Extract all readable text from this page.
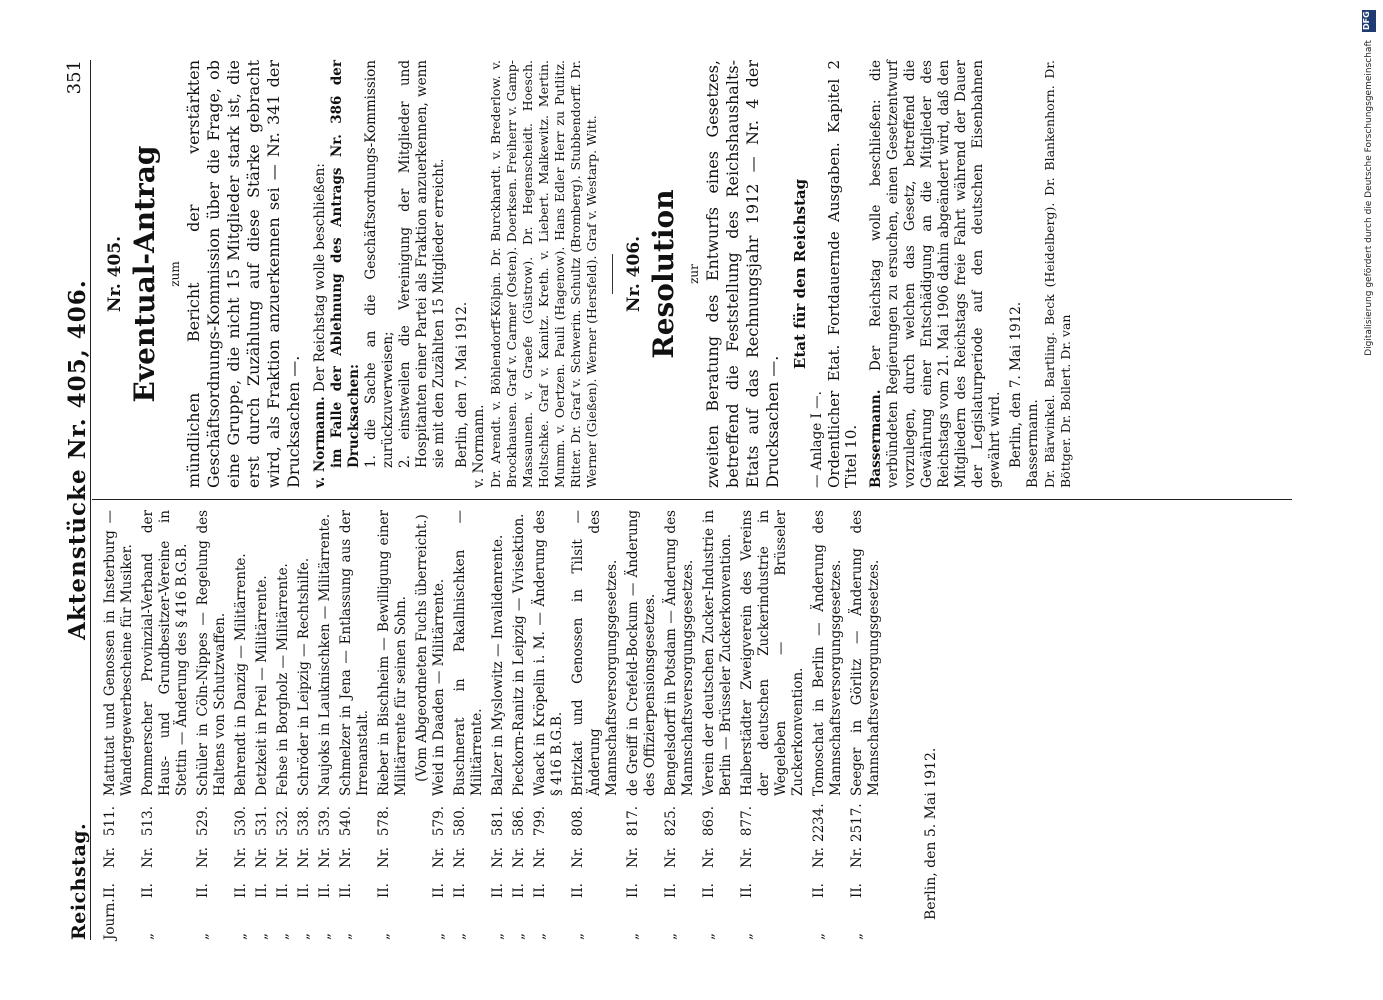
DFG
Digitalisierung gefördert durch die Deutsche Forschungsgemeinschaft
Reichstag.
Aktenstücke Nr. 405, 406.
351
Journ.
II.
Nr.
511.
Mattutat und Genossen in Insterburg — Wandergewerbescheine für Musiker.
„
II.
Nr.
513.
Pommerscher Provinzial-Verband der Haus- und Grundbesitzer-Vereine in Stettin — Änderung des § 416 B.G.B.
„
II.
Nr.
529.
Schüler in Cöln-Nippes — Regelung des Haltens von Schutzwaffen.
„
II.
Nr.
530.
Behrendt in Danzig — Militärrente.
„
II.
Nr.
531.
Detzkeit in Preil — Militärrente.
„
II.
Nr.
532.
Fehse in Borgholz — Militärrente.
„
II.
Nr.
538.
Schröder in Leipzig — Rechtshilfe.
„
II.
Nr.
539.
Naujoks in Lauknischken — Militärrente.
„
II.
Nr.
540.
Schmelzer in Jena — Entlassung aus der Irrenanstalt.
„
II.
Nr.
578.
Rieber in Bischheim — Bewilligung einer Militärrente für seinen Sohn. (Vom Abgeordneten Fuchs überreicht.)
„
II.
Nr.
579.
Weid in Daaden — Militärrente.
„
II.
Nr.
580.
Buschnerat in Pakallnischken — Militärrente.
„
II.
Nr.
581.
Balzer in Myslowitz — Invalidenrente.
„
II.
Nr.
586.
Pieckorn-Ranitz in Leipzig — Vivisektion.
„
II.
Nr.
799.
Waack in Kröpelin i. M. — Änderung des § 416 B.G.B.
„
II.
Nr.
808.
Britzkat und Genossen in Tilsit — Änderung des Mannschaftsversorgungsgesetzes.
„
II.
Nr.
817.
de Greiff in Crefeld-Bockum — Änderung des Offizierpensionsgesetzes.
„
II.
Nr.
825.
Bengelsdorff in Potsdam — Änderung des Mannschaftsversorgungsgesetzes.
„
II.
Nr.
869.
Verein der deutschen Zucker-Industrie in Berlin — Brüsseler Zuckerkonvention.
„
II.
Nr.
877.
Halberstädter Zweigverein des Vereins der deutschen Zuckerindustrie in Wegeleben — Brüsseler Zuckerkonvention.
„
II.
Nr.
2234.
Tomoschat in Berlin — Änderung des Mannschaftsversorgungsgesetzes.
„
II.
Nr.
2517.
Seeger in Görlitz — Änderung des Mannschaftsversorgungsgesetzes.
Berlin, den 5. Mai 1912.
Nr. 405. Eventual-Antrag zum mündlichen Bericht der verstärkten Geschäftsordnungs-Kommission über die Frage, ob eine Gruppe, die nicht 15 Mitglieder stark ist, die erst durch Zuzählung auf diese Stärke gebracht wird, als Fraktion anzuerkennen sei — Nr. 341 der Drucksachen —. v. Normann. Der Reichstag wolle beschließen: im Falle der Ablehnung des Antrags Nr. 386 der Drucksachen: 1. die Sache an die Geschäftsordnungs-Kommission zurückzuverweisen; 2. einstweilen die Vereinigung der Mitglieder und Hospitanten einer Partei als Fraktion anzuerkennen, wenn sie mit den Zuzählten 15 Mitglieder erreicht. Berlin, den 7. Mai 1912. v. Normann. Dr. Arendt. v. Böhlendorff-Kölpin. Dr. Burckhardt. v. Brederlow. v. Brockhausen. Graf v. Carmer (Osten). Doerksen. Freiherr v. Gamp-Massaunen. v. Graefe (Güstrow). Dr. Hegenscheidt. Hoesch. Holtschke. Graf v. Kanitz. Kreth. v. Liebert. Malkewitz. Mertin. Mumm. v. Oertzen. Pauli (Hagenow). Hans Edler Herr zu Putlitz. Ritter. Dr. Graf v. Schwerin. Schultz (Bromberg). Stubbendorff. Dr. Werner (Gießen). Werner (Hersfeld). Graf v. Westarp. Witt. Nr. 406. Resolution zur zweiten Beratung des Entwurfs eines Gesetzes, betreffend die Feststellung des Reichshaushalts-Etats auf das Rechnungsjahr 1912 — Nr. 4 der Drucksachen —.
Etat für den Reichstag
— Anlage I —. Ordentlicher Etat. Fortdauernde Ausgaben. Kapitel 2 Titel 10. Bassermann. Der Reichstag wolle beschließen: die verbündeten Regierungen zu ersuchen, einen Gesetzentwurf vorzulegen, durch welchen das Gesetz, betreffend die Gewährung einer Entschädigung an die Mitglieder des Reichstags vom 21. Mai 1906 dahin abgeändert wird, daß den Mitgliedern des Reichstags freie Fahrt während der Dauer der Legislaturperiode auf den deutschen Eisenbahnen gewährt wird. Berlin, den 7. Mai 1912. Bassermann. Dr. Bärwinkel. Bartling. Beck (Heidelberg). Dr. Blankenhorn. Dr. Böttger. Dr. Bollert. Dr. van
